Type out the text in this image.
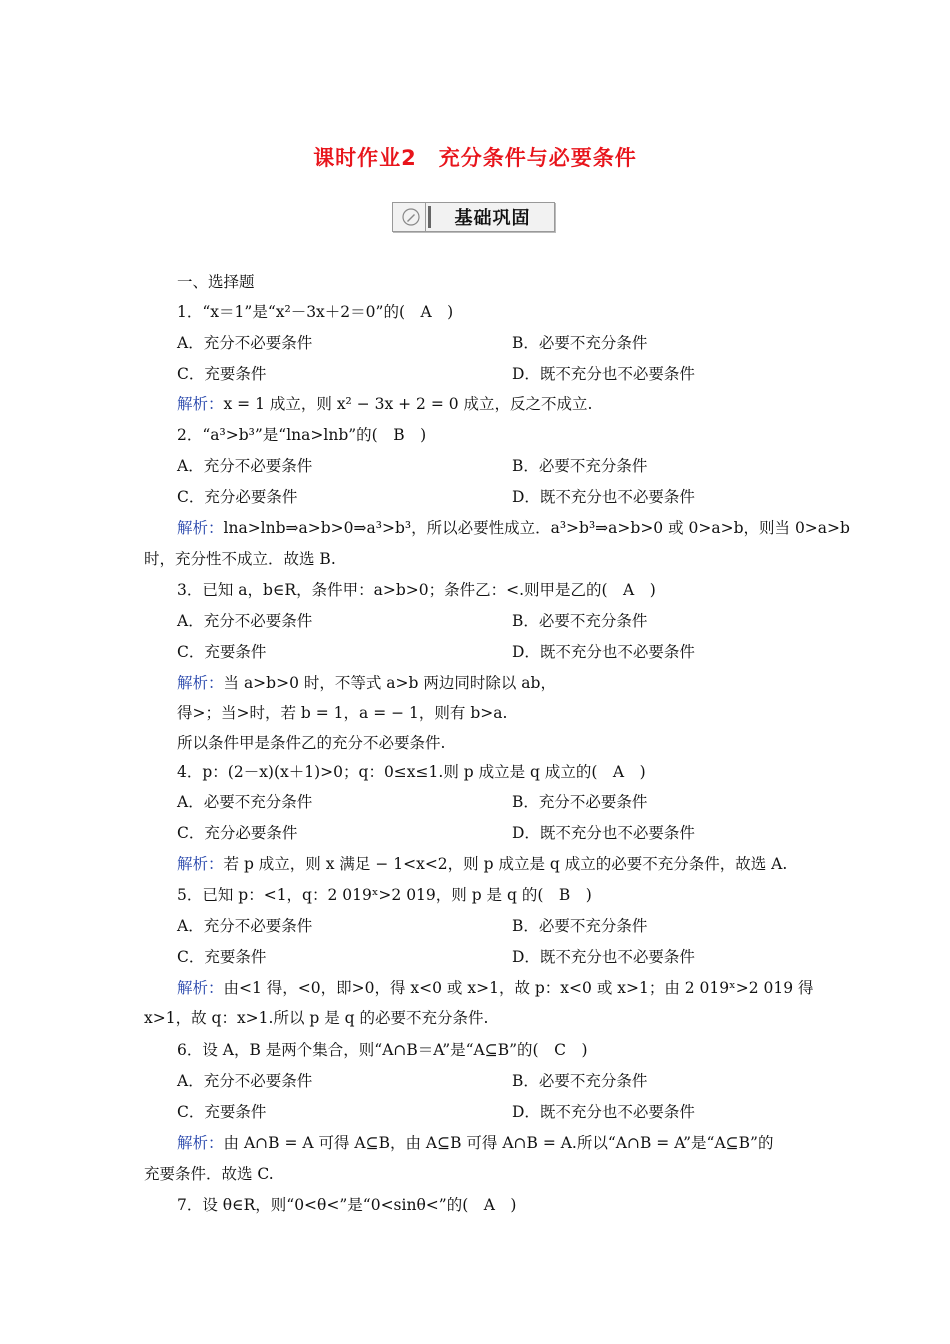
课时作业2　充分条件与必要条件
基础巩固
一、选择题
1．“x＝1”是“x²－3x＋2＝0”的(　A　)
A．充分不必要条件	B．必要不充分条件
C．充要条件	D．既不充分也不必要条件
解析：x = 1 成立，则 x² − 3x + 2 = 0 成立，反之不成立.
2．“a³>b³”是“lna>lnb”的(　B　)
A．充分不必要条件	B．必要不充分条件
C．充分必要条件	D．既不充分也不必要条件
解析：lna>lnb⇒a>b>0⇒a³>b³，所以必要性成立．a³>b³⇒a>b>0 或 0>a>b，则当 0>a>b
时，充分性不成立．故选 B.
3．已知 a，b∈R，条件甲：a>b>0；条件乙：<.则甲是乙的(　A　)
A．充分不必要条件	B．必要不充分条件
C．充要条件	D．既不充分也不必要条件
解析：当 a>b>0 时，不等式 a>b 两边同时除以 ab，
得>；当>时，若 b = 1，a = − 1，则有 b>a.
所以条件甲是条件乙的充分不必要条件.
4．p：(2－x)(x＋1)>0；q：0≤x≤1.则 p 成立是 q 成立的(　A　)
A．必要不充分条件	B．充分不必要条件
C．充分必要条件	D．既不充分也不必要条件
解析：若 p 成立，则 x 满足 − 1<x<2，则 p 成立是 q 成立的必要不充分条件，故选 A.
5．已知 p：<1，q：2 019ˣ>2 019，则 p 是 q 的(　B　)
A．充分不必要条件	B．必要不充分条件
C．充要条件	D．既不充分也不必要条件
解析：由<1 得，<0，即>0，得 x<0 或 x>1，故 p：x<0 或 x>1；由 2 019ˣ>2 019 得
x>1，故 q：x>1.所以 p 是 q 的必要不充分条件.
6．设 A，B 是两个集合，则“A∩B＝A”是“A⊆B”的(　C　)
A．充分不必要条件	B．必要不充分条件
C．充要条件	D．既不充分也不必要条件
解析：由 A∩B = A 可得 A⊆B，由 A⊆B 可得 A∩B = A.所以“A∩B = A”是“A⊆B”的
充要条件．故选 C.
7．设 θ∈R，则“0<θ<”是“0<sinθ<”的(　A　)
